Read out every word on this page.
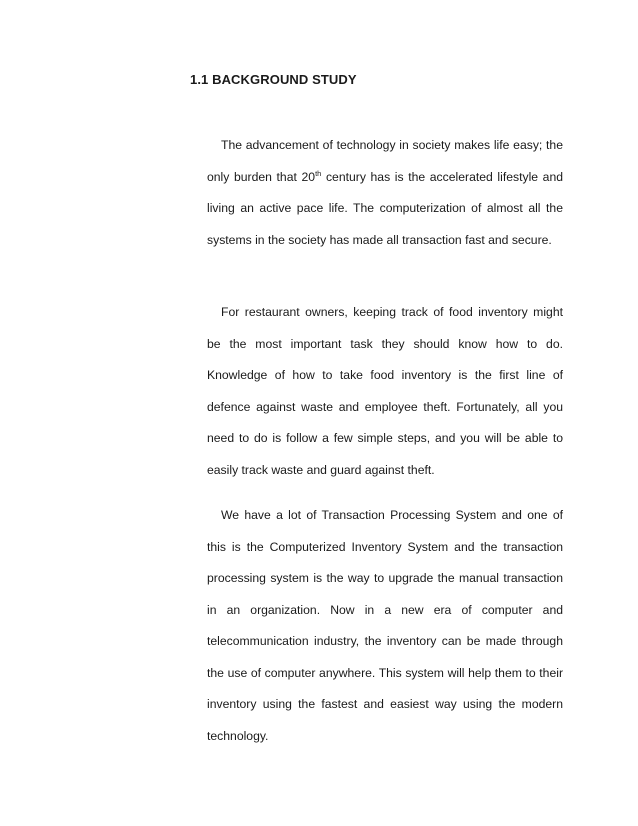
1.1 BACKGROUND STUDY

The advancement of technology in society makes life easy; the only burden that 20th century has is the accelerated lifestyle and living an active pace life. The computerization of almost all the systems in the society has made all transaction fast and secure.

For restaurant owners, keeping track of food inventory might be the most important task they should know how to do. Knowledge of how to take food inventory is the first line of defence against waste and employee theft. Fortunately, all you need to do is follow a few simple steps, and you will be able to easily track waste and guard against theft.

We have a lot of Transaction Processing System and one of this is the Computerized Inventory System and the transaction processing system is the way to upgrade the manual transaction in an organization. Now in a new era of computer and telecommunication industry, the inventory can be made through the use of computer anywhere. This system will help them to their inventory using the fastest and easiest way using the modern technology.
